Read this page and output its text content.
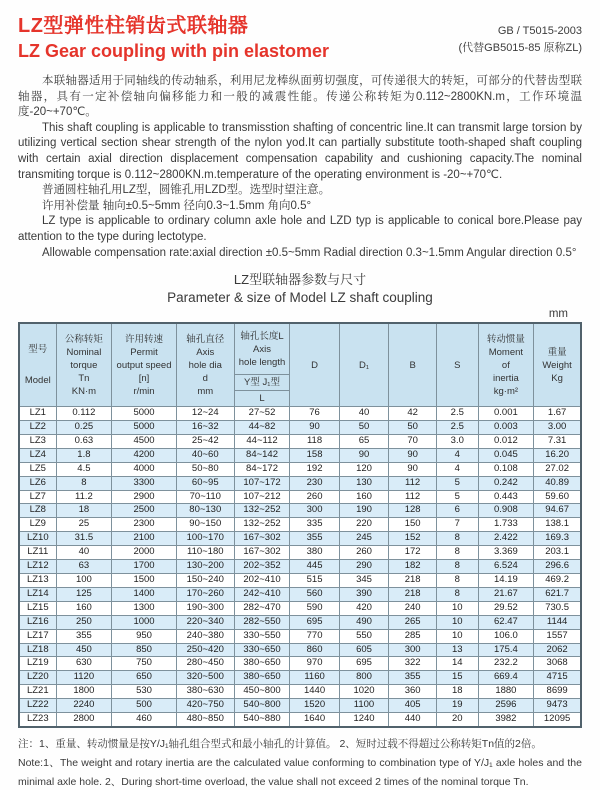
LZ型弹性柱销齿式联轴器
LZ Gear coupling with pin elastomer
GB / T5015-2003
(代替GB5015-85 原称ZL)

本联轴器适用于同轴线的传动轴系，利用尼龙棒纵面剪切强度，可传递很大的转矩，可部分的代替齿型联轴器，具有一定补偿轴向偏移能力和一般的减震性能。传递公称转矩为0.112~2800KN.m，工作环境温度-20~+70℃。

This shaft coupling is applicable to transmisstion shafting of concentric line.It can transmit large torsion by utilizing vertical section shear strength of the nylon yod.It can partially substitute tooth-shaped shaft coupling with certain axial direction displacement compensation capability and cushioning capacity.The nominal transmiting torque is 0.112~2800KN.m.temperature of the operating environment is -20~+70℃.

普通圆柱轴孔用LZ型，圆锥孔用LZD型。选型时望注意。

许用补偿量 轴向±0.5~5mm 径向0.3~1.5mm 角向0.5°

LZ type is applicable to ordinary column axle hole and LZD typ is applicable to conical bore.Please pay attention to the type during lectotype.

Allowable compensation rate:axial direction ±0.5~5mm Radial direction 0.3~1.5mm Angular direction 0.5°

LZ型联轴器参数与尺寸
Parameter & size of Model LZ shaft coupling
mm
型号
Model

公称转矩
Nominal
torque
Tn
KN·m

许用转速
Permit
output speed
[n]
r/min

轴孔直径
Axis
hole dia
d
mm

轴孔长度L
Axis
hole length
Y型 J₁型
L
	D	D₁	B	S	
转动惯量
Moment
of
inertia
kg·m²

重量
Weight
Kg

LZ1	0.112	5000	12~24	27~52	76	40	42	2.5	0.001	1.67
LZ2	0.25	5000	16~32	44~82	90	50	50	2.5	0.003	3.00
LZ3	0.63	4500	25~42	44~112	118	65	70	3.0	0.012	7.31
LZ4	1.8	4200	40~60	84~142	158	90	90	4	0.045	16.20
LZ5	4.5	4000	50~80	84~172	192	120	90	4	0.108	27.02
LZ6	8	3300	60~95	107~172	230	130	112	5	0.242	40.89
LZ7	11.2	2900	70~110	107~212	260	160	112	5	0.443	59.60
LZ8	18	2500	80~130	132~252	300	190	128	6	0.908	94.67
LZ9	25	2300	90~150	132~252	335	220	150	7	1.733	138.1
LZ10	31.5	2100	100~170	167~302	355	245	152	8	2.422	169.3
LZ11	40	2000	110~180	167~302	380	260	172	8	3.369	203.1
LZ12	63	1700	130~200	202~352	445	290	182	8	6.524	296.6
LZ13	100	1500	150~240	202~410	515	345	218	8	14.19	469.2
LZ14	125	1400	170~260	242~410	560	390	218	8	21.67	621.7
LZ15	160	1300	190~300	282~470	590	420	240	10	29.52	730.5
LZ16	250	1000	220~340	282~550	695	490	265	10	62.47	1144
LZ17	355	950	240~380	330~550	770	550	285	10	106.0	1557
LZ18	450	850	250~420	330~650	860	605	300	13	175.4	2062
LZ19	630	750	280~450	380~650	970	695	322	14	232.2	3068
LZ20	1120	650	320~500	380~650	1160	800	355	15	669.4	4715
LZ21	1800	530	380~630	450~800	1440	1020	360	18	1880	8699
LZ22	2240	500	420~750	540~800	1520	1100	405	19	2596	9473
LZ23	2800	460	480~850	540~880	1640	1240	440	20	3982	12095

注：1、重量、转动惯量是按Y/J₁轴孔组合型式和最小轴孔的计算值。 2、短时过载不得超过公称转矩Tn值的2倍。

Note:1、The weight and rotary inertia are the calculated value conforming to combination type of Y/J₁ axle holes and the minimal axle hole. 2、During short-time overload, the value shall not exceed 2 times of the nominal torque Tn.
